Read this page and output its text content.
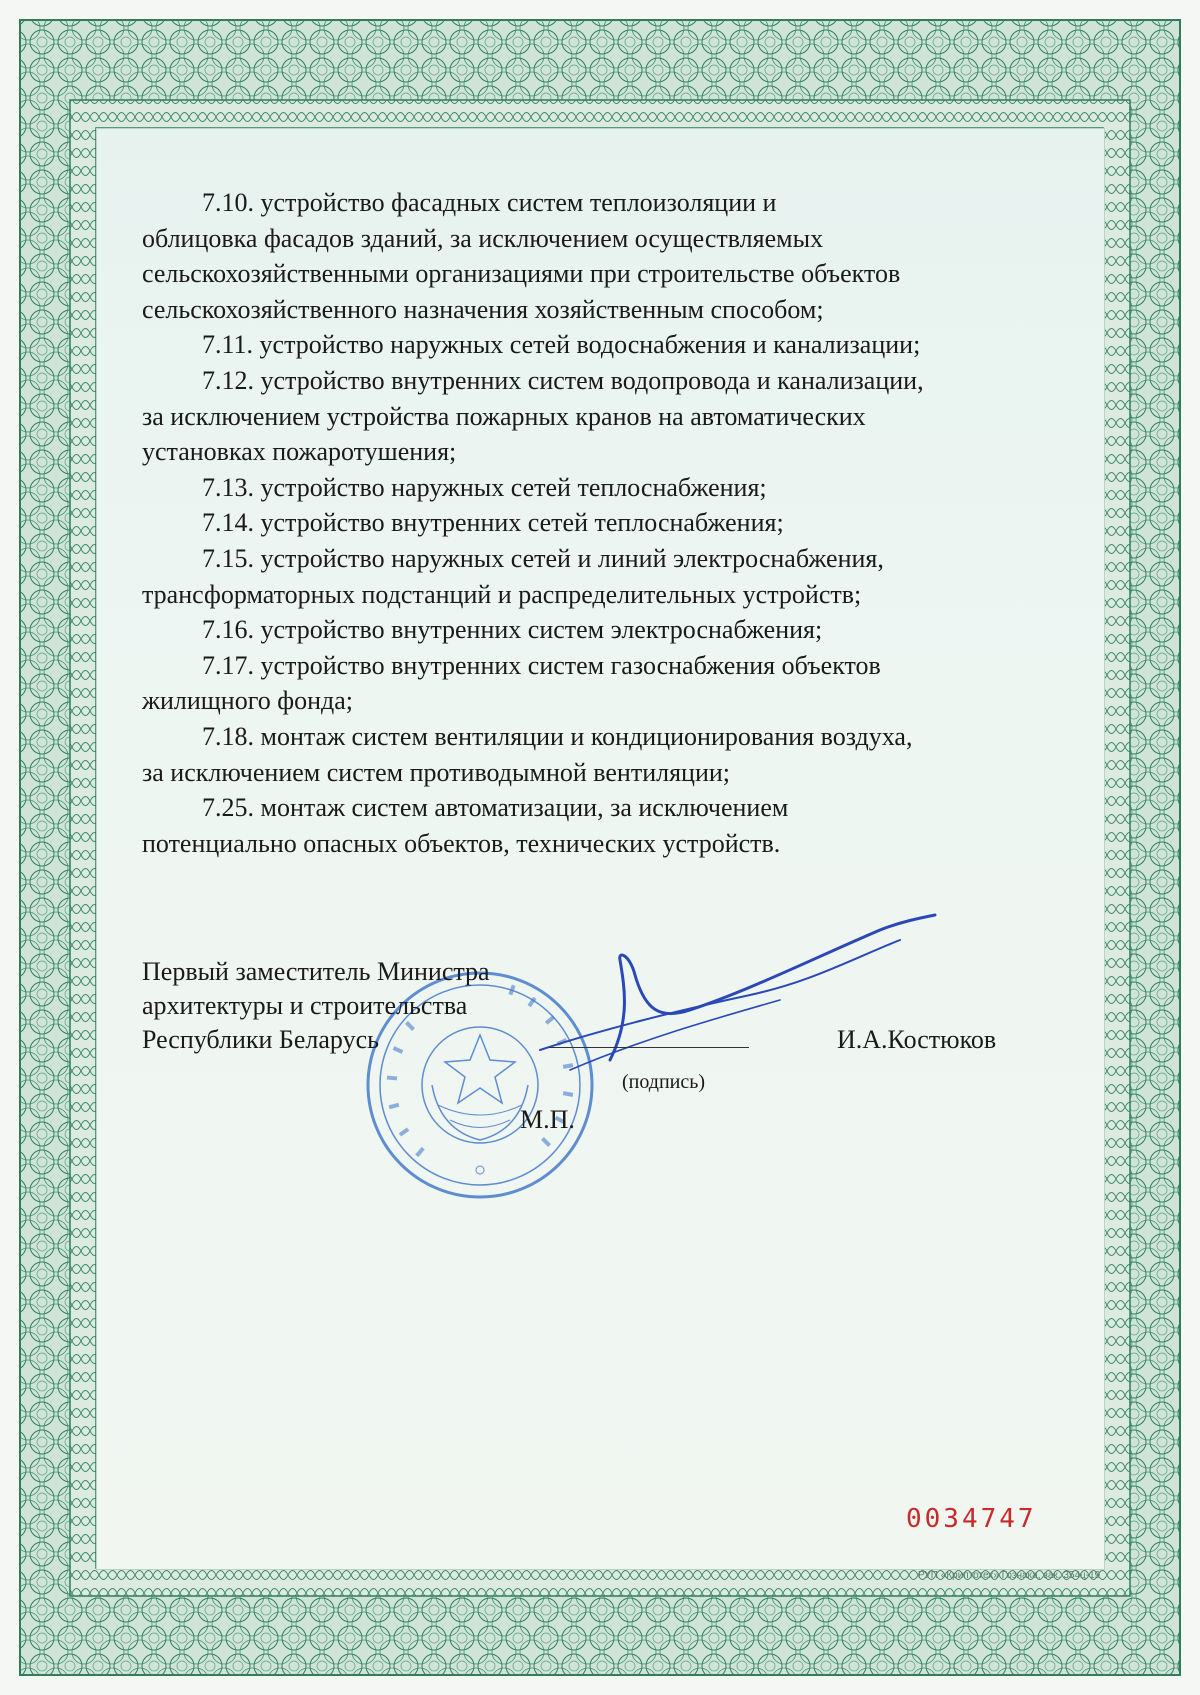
7.10. устройство фасадных систем теплоизоляции и

облицовка фасадов зданий, за исключением осуществляемых

сельскохозяйственными организациями при строительстве объектов

сельскохозяйственного назначения хозяйственным способом;

7.11. устройство наружных сетей водоснабжения и канализации;

7.12. устройство внутренних систем водопровода и канализации,

за исключением устройства пожарных кранов на автоматических

установках пожаротушения;

7.13. устройство наружных сетей теплоснабжения;

7.14. устройство внутренних сетей теплоснабжения;

7.15. устройство наружных сетей и линий электроснабжения,

трансформаторных подстанций и распределительных устройств;

7.16. устройство внутренних систем электроснабжения;

7.17. устройство внутренних систем газоснабжения объектов

жилищного фонда;

7.18. монтаж систем вентиляции и кондиционирования воздуха,

за исключением систем противодымной вентиляции;

7.25. монтаж систем автоматизации, за исключением

потенциально опасных объектов, технических устройств.

Первый заместитель Министра
архитектуры и строительства
Республики Беларусь	И.А.Костюков
(подпись)
М.П.
0034747
РУП «Криптотех» Гознака, зак. 354ц-19
